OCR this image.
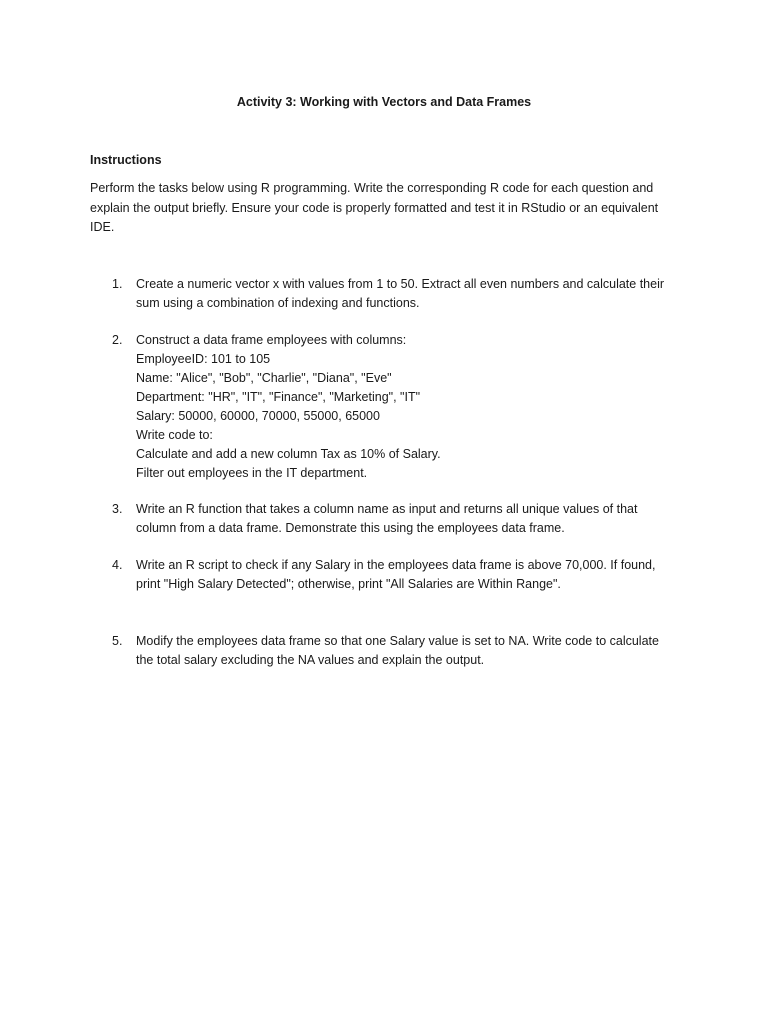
Activity 3: Working with Vectors and Data Frames
Instructions
Perform the tasks below using R programming. Write the corresponding R code for each question and
explain the output briefly. Ensure your code is properly formatted and test it in RStudio or an equivalent
IDE.
1.	Create a numeric vector x with values from 1 to 50. Extract all even numbers and calculate their
sum using a combination of indexing and functions.
2.	Construct a data frame employees with columns:
EmployeeID: 101 to 105
Name: "Alice", "Bob", "Charlie", "Diana", "Eve"
Department: "HR", "IT", "Finance", "Marketing", "IT"
Salary: 50000, 60000, 70000, 55000, 65000
Write code to:
Calculate and add a new column Tax as 10% of Salary.
Filter out employees in the IT department.
3.	Write an R function that takes a column name as input and returns all unique values of that
column from a data frame. Demonstrate this using the employees data frame.
4.	Write an R script to check if any Salary in the employees data frame is above 70,000. If found,
print "High Salary Detected"; otherwise, print "All Salaries are Within Range".
5.	Modify the employees data frame so that one Salary value is set to NA. Write code to calculate
the total salary excluding the NA values and explain the output.
